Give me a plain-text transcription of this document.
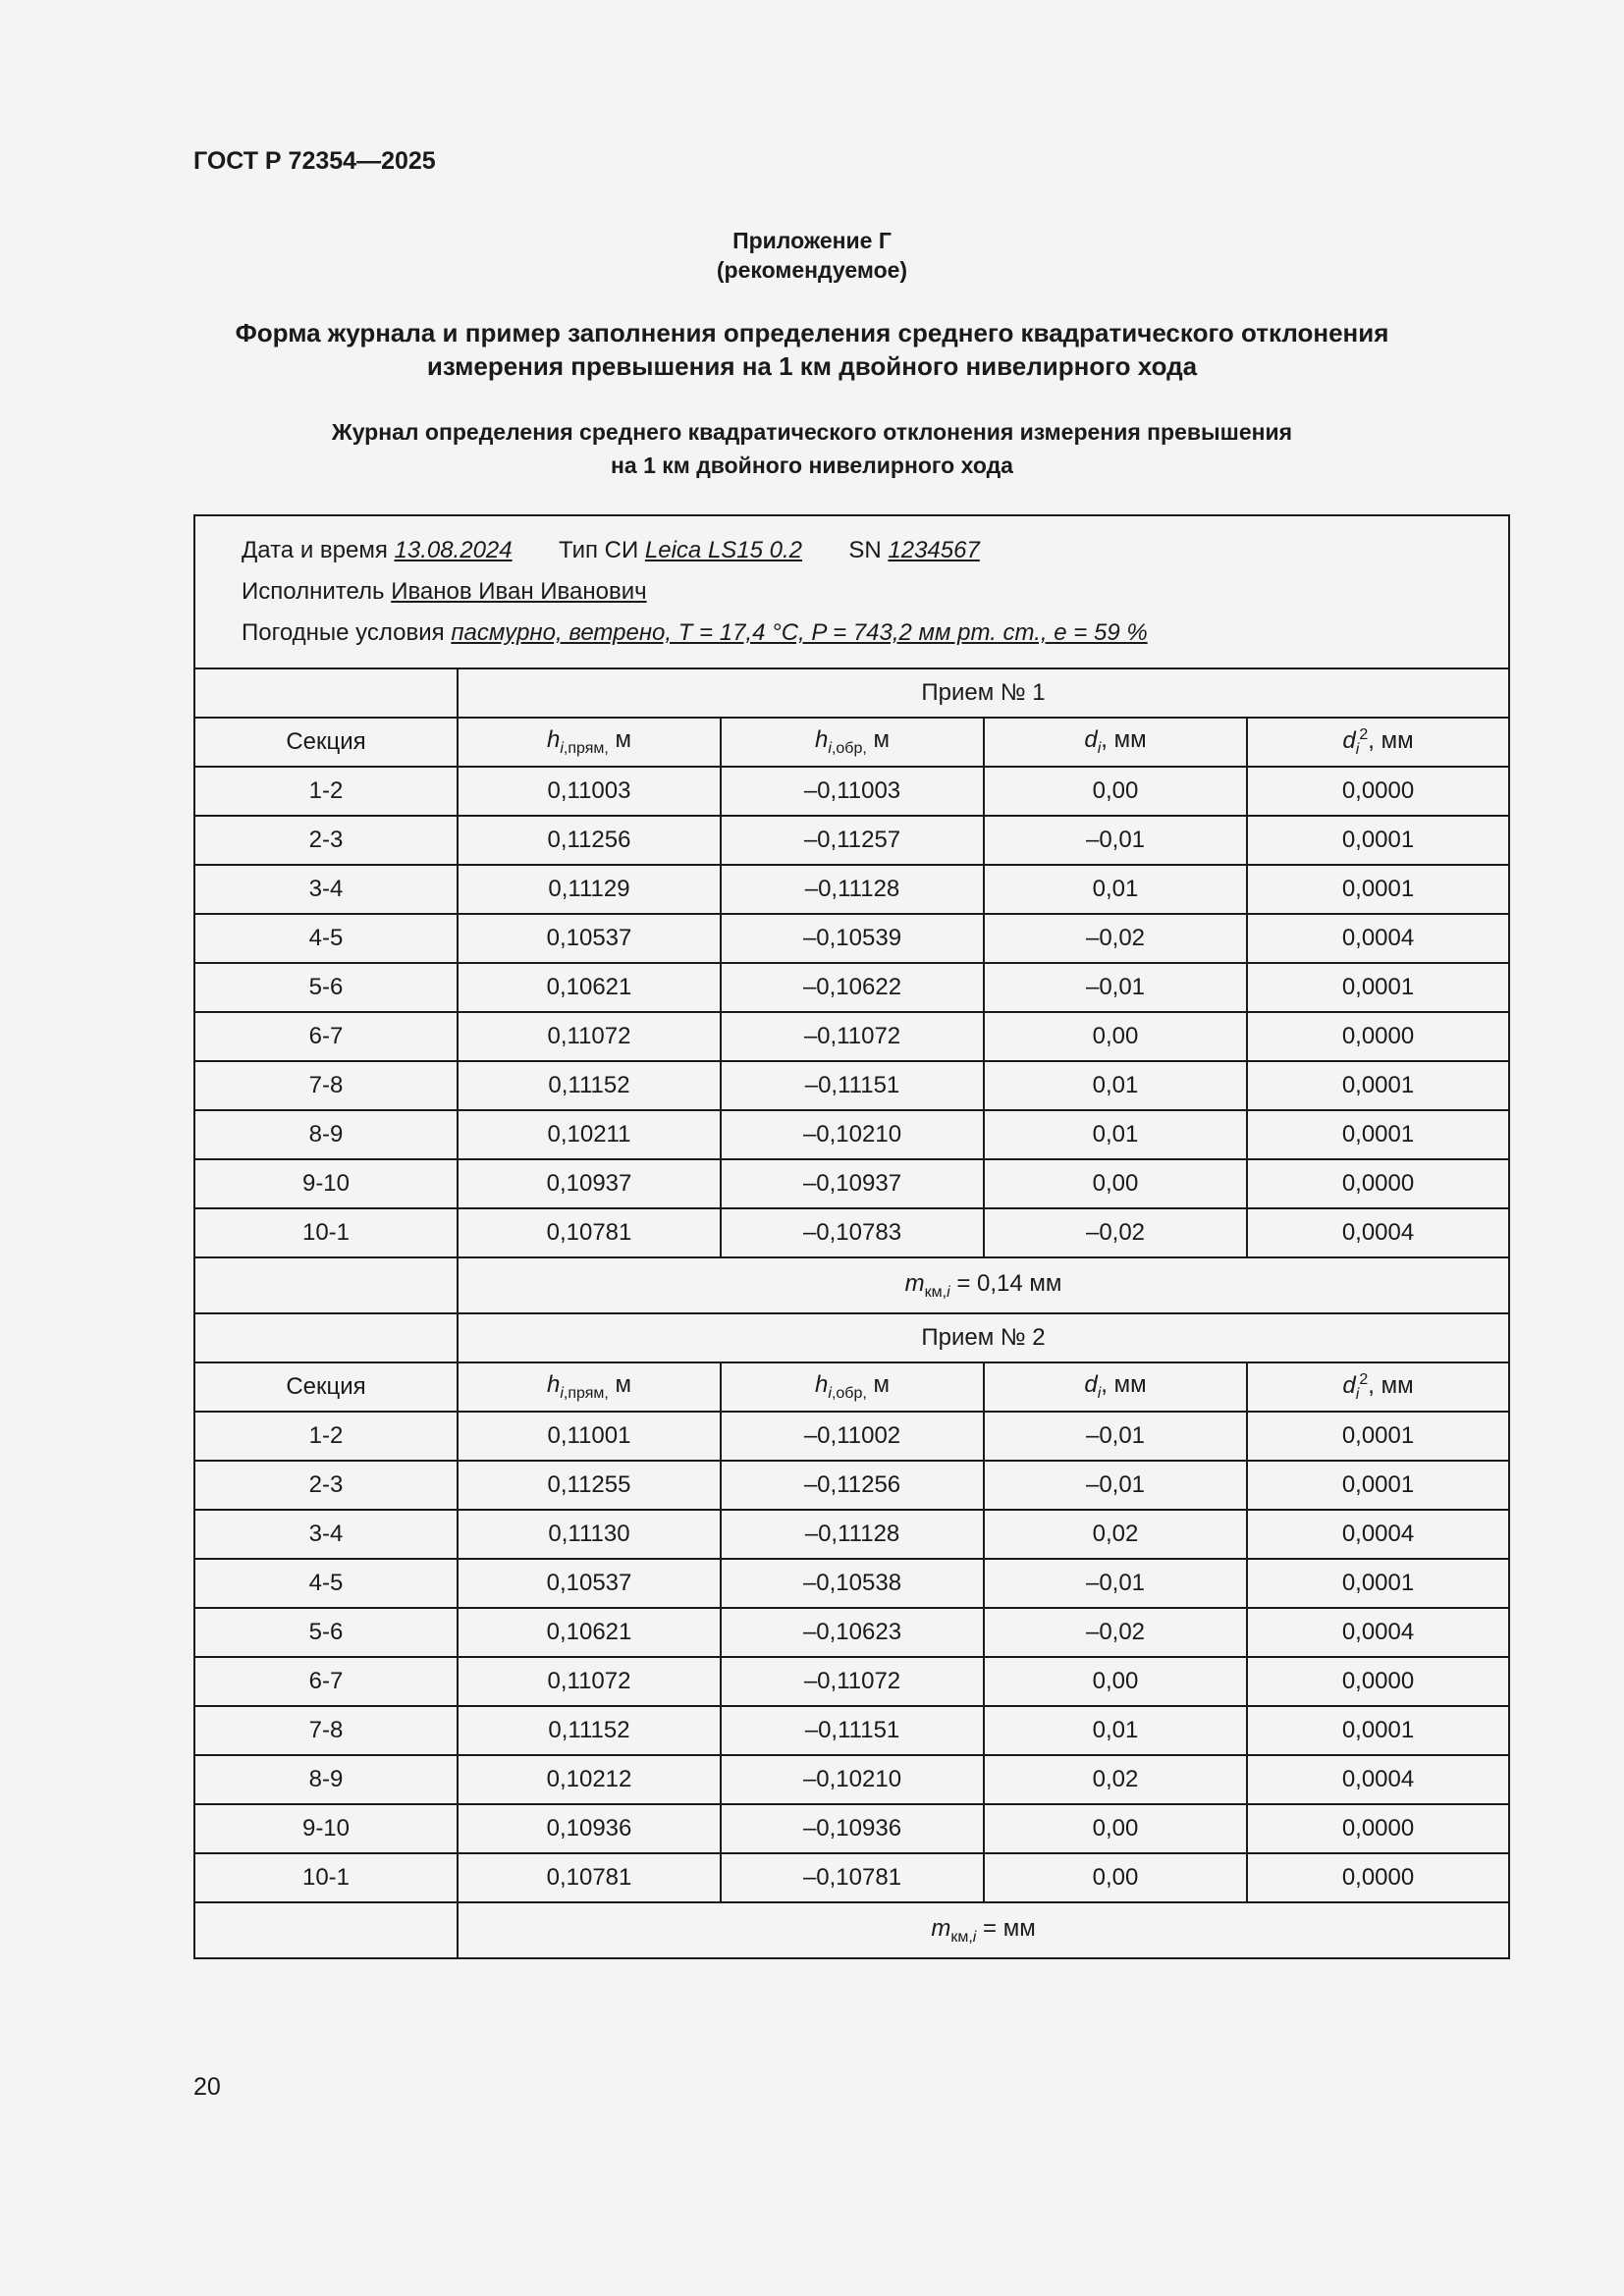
ГОСТ Р 72354—2025
Приложение Г
(рекомендуемое)
Форма журнала и пример заполнения определения среднего квадратического отклонения
измерения превышения на 1 км двойного нивелирного хода
Журнал определения среднего квадратического отклонения измерения превышения
на 1 км двойного нивелирного хода
Дата и время 13.08.2024 Тип СИ Leica LS15 0.2 SN 1234567
Исполнитель Иванов Иван Иванович
Погодные условия пасмурно, ветрено, T = 17,4 °C, P = 743,2 мм рт. ст., e = 59 %				

	Прием № 1			
Секция	$h_{i,прям,}$ м	$h_{i,обр,}$ м	$d_i$, мм	$d_i^2$, мм
1-2	0,11003	–0,11003	0,00	0,0000
2-3	0,11256	–0,11257	–0,01	0,0001
3-4	0,11129	–0,11128	0,01	0,0001
4-5	0,10537	–0,10539	–0,02	0,0004
5-6	0,10621	–0,10622	–0,01	0,0001
6-7	0,11072	–0,11072	0,00	0,0000
7-8	0,11152	–0,11151	0,01	0,0001
8-9	0,10211	–0,10210	0,01	0,0001
9-10	0,10937	–0,10937	0,00	0,0000
10-1	0,10781	–0,10783	–0,02	0,0004
	$m_{км,i} = 0,14$ мм			
	Прием № 2			
Секция	$h_{i,прям,}$ м	$h_{i,обр,}$ м	$d_i$, мм	$d_i^2$, мм
1-2	0,11001	–0,11002	–0,01	0,0001
2-3	0,11255	–0,11256	–0,01	0,0001
3-4	0,11130	–0,11128	0,02	0,0004
4-5	0,10537	–0,10538	–0,01	0,0001
5-6	0,10621	–0,10623	–0,02	0,0004
6-7	0,11072	–0,11072	0,00	0,0000
7-8	0,11152	–0,11151	0,01	0,0001
8-9	0,10212	–0,10210	0,02	0,0004
9-10	0,10936	–0,10936	0,00	0,0000
10-1	0,10781	–0,10781	0,00	0,0000
	$m_{км,i}$ = мм			
20
